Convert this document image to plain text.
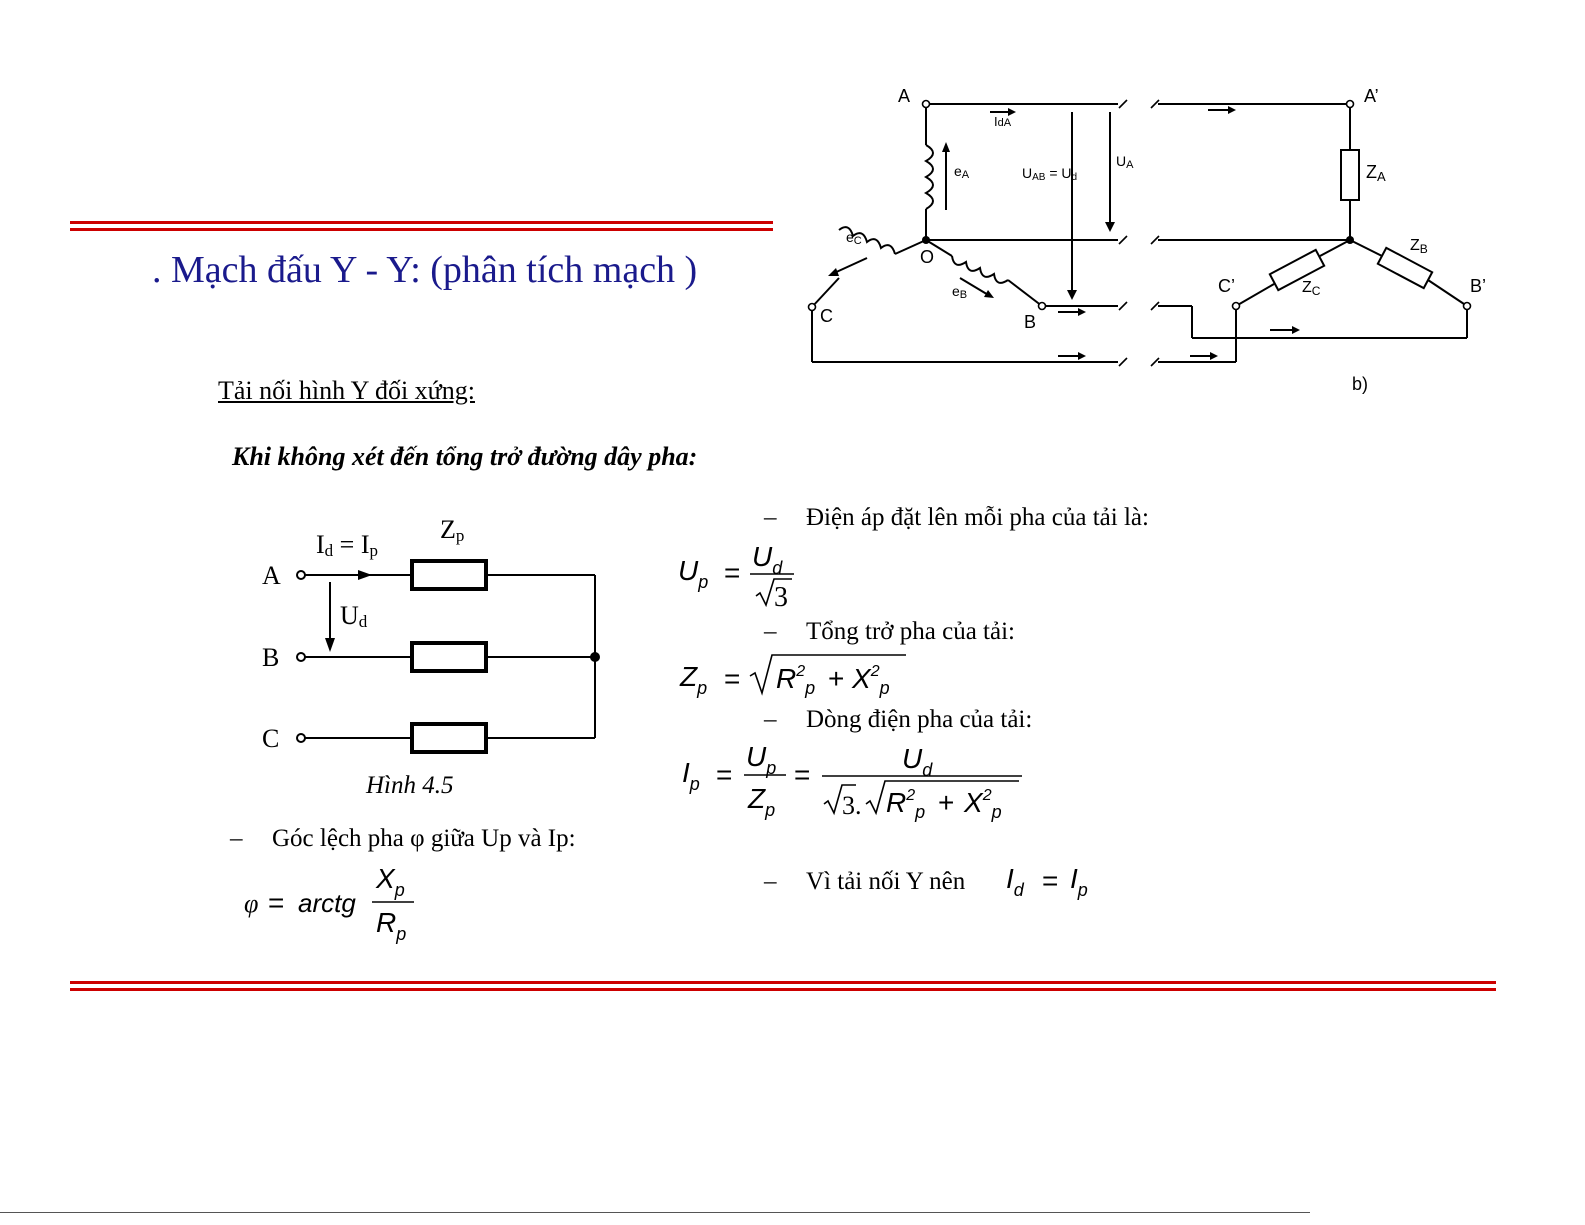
. Mạch đấu Y - Y: (phân tích mạch )
Tải nối hình Y đối xứng:
Khi không xét đến tổng trở đường dây pha:
A
O
C	B
A’
C’	B’
b)
ZA
ZB
ZC
eA
eC
eB
IdA
UAB = Ud
UA
A
B
C
Id = Ip
Ud
Zp
Hình 4.5
– Điện áp đặt lên mỗi pha của tải là:
– Tổng trở pha của tải:
– Dòng điện pha của tải:
– Góc lệch pha φ giữa Up và Ip:
– Vì tải nối Y nên
$U_p$ =
$U_d$
3
$Z_p = R^2_p + X^2_p$
$I_p$ =
$U_p$
$Z_p$
=
$U_d$
3. $R^2_p + X^2_p$
φ = arctg
$X_p$
$R_p$
$I_d = I_p$
